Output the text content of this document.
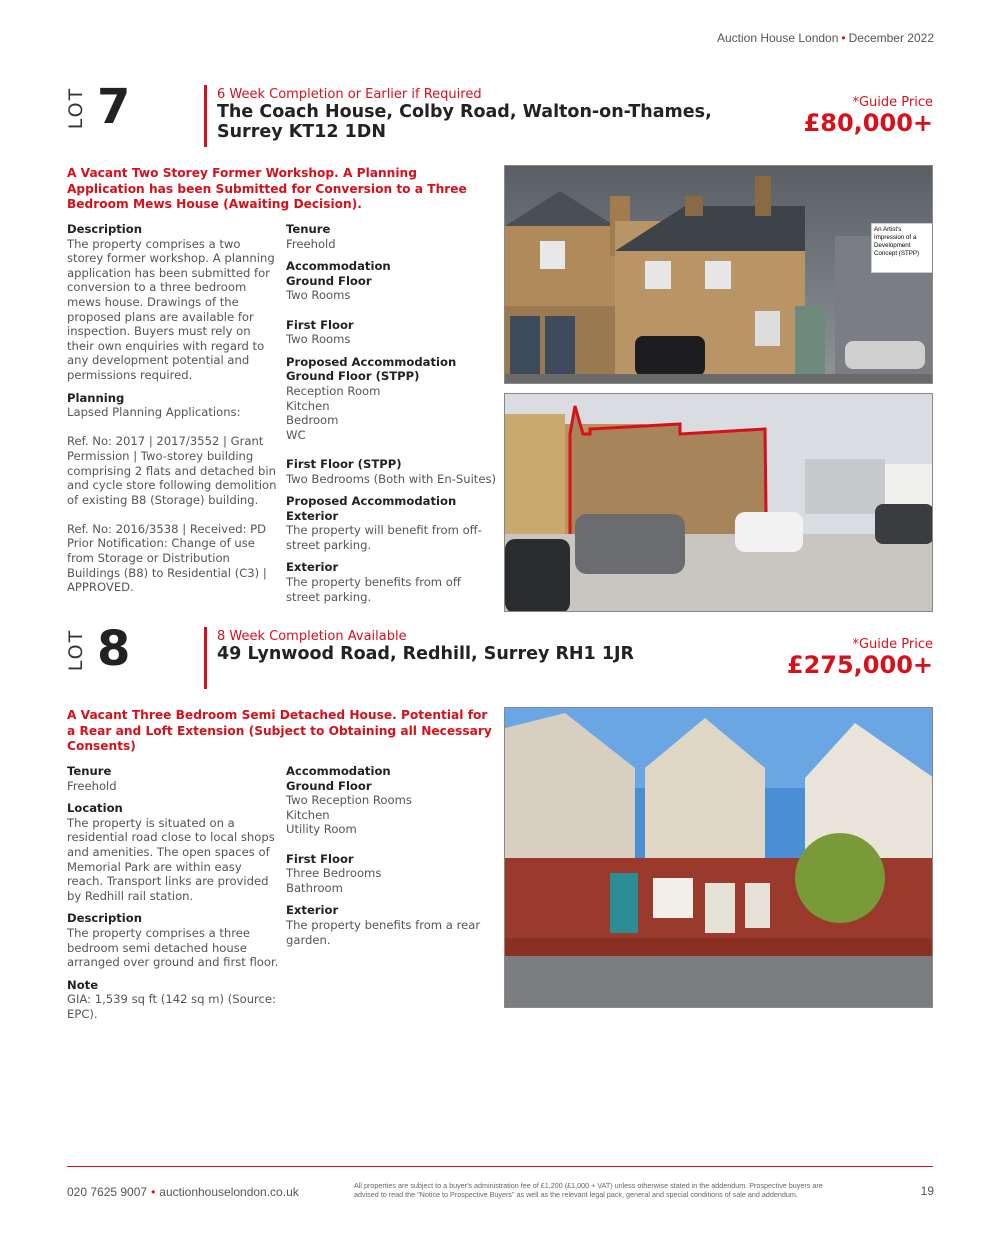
Auction House London • December 2022
LOT 7	6 Week Completion or Earlier if Required
The Coach House, Colby Road, Walton-on-Thames, Surrey KT12 1DN
*Guide Price
£80,000+
A Vacant Two Storey Former Workshop. A Planning Application has been Submitted for Conversion to a Three Bedroom Mews House (Awaiting Decision).
Description
The property comprises a two storey former workshop. A planning application has been submitted for conversion to a three bedroom mews house. Drawings of the proposed plans are available for inspection. Buyers must rely on their own enquiries with regard to any development potential and permissions required.
Planning
Lapsed Planning Applications:
Ref. No: 2017 | 2017/3552 | Grant Permission | Two-storey building comprising 2 flats and detached bin and cycle store following demolition of existing B8 (Storage) building.
Ref. No: 2016/3538 | Received: PD Prior Notification: Change of use from Storage or Distribution Buildings (B8) to Residential (C3) | APPROVED.
Tenure
Freehold
Accommodation
Ground Floor
Two Rooms
First Floor
Two Rooms
Proposed Accommodation
Ground Floor (STPP)
Reception Room
Kitchen
Bedroom
WC
First Floor (STPP)
Two Bedrooms (Both with En-Suites)
Proposed Accommodation Exterior
The property will benefit from off-street parking.
Exterior
The property benefits from off street parking.
An Artist's Impression of a Development Concept (STPP)
LOT 8	8 Week Completion Available
49 Lynwood Road, Redhill, Surrey RH1 1JR	*Guide Price
£275,000+
A Vacant Three Bedroom Semi Detached House. Potential for a Rear and Loft Extension (Subject to Obtaining all Necessary Consents)
Tenure
Freehold
Location
The property is situated on a residential road close to local shops and amenities. The open spaces of Memorial Park are within easy reach. Transport links are provided by Redhill rail station.
Description
The property comprises a three bedroom semi detached house arranged over ground and first floor.
Note
GIA: 1,539 sq ft (142 sq m) (Source: EPC).
Accommodation
Ground Floor
Two Reception Rooms
Kitchen
Utility Room
First Floor
Three Bedrooms
Bathroom
Exterior
The property benefits from a rear garden.
020 7625 9007 • auctionhouselondon.co.uk	All properties are subject to a buyer's administration fee of £1,200 (£1,000 + VAT) unless otherwise stated in the addendum. Prospective buyers are advised to read the "Notice to Prospective Buyers" as well as the relevant legal pack, general and special conditions of sale and addendum.	19
